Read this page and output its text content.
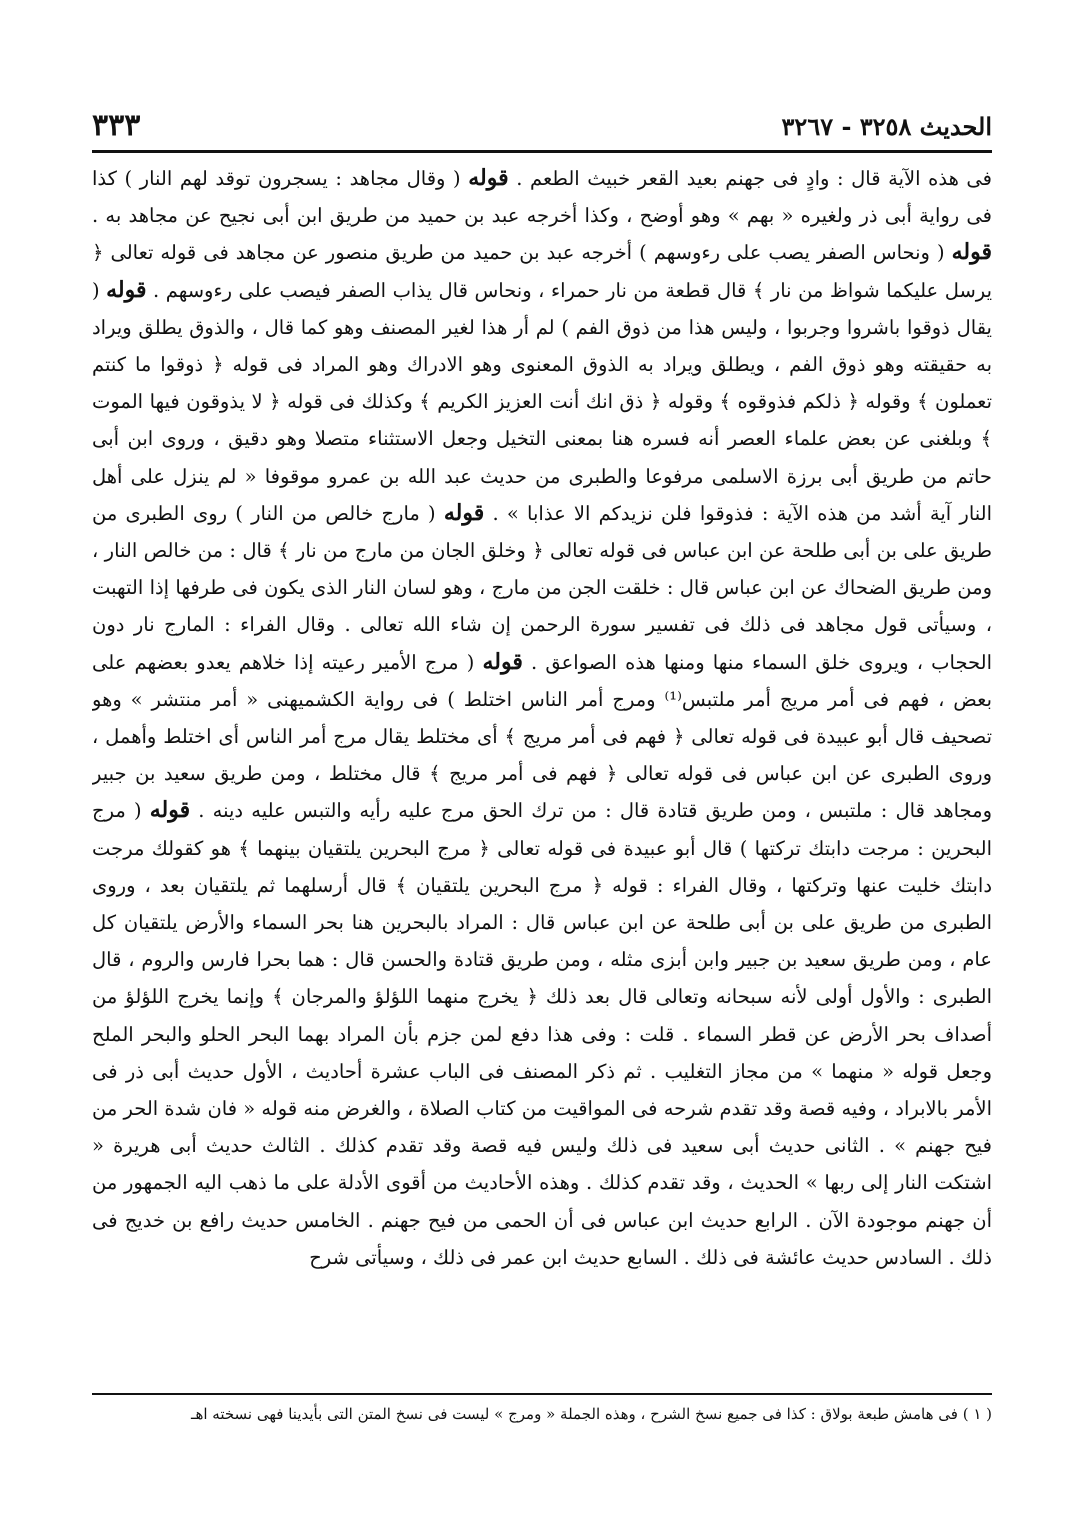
الحديث ٣٢٥٨ - ٣٢٦٧
٣٣٣

فى هذه الآية قال : وادٍ فى جهنم بعيد القعر خبيث الطعم . قوله ( وقال مجاهد : يسجرون توقد لهم النار ) كذا فى رواية أبى ذر ولغيره « بهم » وهو أوضح ، وكذا أخرجه عبد بن حميد من طريق ابن أبى نجيح عن مجاهد به . قوله ( ونحاس الصفر يصب على رءوسهم ) أخرجه عبد بن حميد من طريق منصور عن مجاهد فى قوله تعالى ﴿ يرسل عليكما شواظ من نار ﴾ قال قطعة من نار حمراء ، ونحاس قال يذاب الصفر فيصب على رءوسهم . قوله ( يقال ذوقوا باشروا وجربوا ، وليس هذا من ذوق الفم ) لم أر هذا لغير المصنف وهو كما قال ، والذوق يطلق ويراد به حقيقته وهو ذوق الفم ، ويطلق ويراد به الذوق المعنوى وهو الادراك وهو المراد فى قوله ﴿ ذوقوا ما كنتم تعملون ﴾ وقوله ﴿ ذلكم فذوقوه ﴾ وقوله ﴿ ذق انك أنت العزيز الكريم ﴾ وكذلك فى قوله ﴿ لا يذوقون فيها الموت ﴾ وبلغنى عن بعض علماء العصر أنه فسره هنا بمعنى التخيل وجعل الاستثناء متصلا وهو دقيق ، وروى ابن أبى حاتم من طريق أبى برزة الاسلمى مرفوعا والطبرى من حديث عبد الله بن عمرو موقوفا « لم ينزل على أهل النار آية أشد من هذه الآية : فذوقوا فلن نزيدكم الا عذابا » . قوله ( مارج خالص من النار ) روى الطبرى من طريق على بن أبى طلحة عن ابن عباس فى قوله تعالى ﴿ وخلق الجان من مارج من نار ﴾ قال : من خالص النار ، ومن طريق الضحاك عن ابن عباس قال : خلقت الجن من مارج ، وهو لسان النار الذى يكون فى طرفها إذا التهبت ، وسيأتى قول مجاهد فى ذلك فى تفسير سورة الرحمن إن شاء الله تعالى . وقال الفراء : المارج نار دون الحجاب ، ويروى خلق السماء منها ومنها هذه الصواعق . قوله ( مرج الأمير رعيته إذا خلاهم يعدو بعضهم على بعض ، فهم فى أمر مريج أمر ملتبس⁽¹⁾ ومرج أمر الناس اختلط ) فى رواية الكشميهنى « أمر منتشر » وهو تصحيف قال أبو عبيدة فى قوله تعالى ﴿ فهم فى أمر مريج ﴾ أى مختلط يقال مرج أمر الناس أى اختلط وأهمل ، وروى الطبرى عن ابن عباس فى قوله تعالى ﴿ فهم فى أمر مريج ﴾ قال مختلط ، ومن طريق سعيد بن جبير ومجاهد قال : ملتبس ، ومن طريق قتادة قال : من ترك الحق مرج عليه رأيه والتبس عليه دينه . قوله ( مرج البحرين : مرجت دابتك تركتها ) قال أبو عبيدة فى قوله تعالى ﴿ مرج البحرين يلتقيان بينهما ﴾ هو كقولك مرجت دابتك خليت عنها وتركتها ، وقال الفراء : قوله ﴿ مرج البحرين يلتقيان ﴾ قال أرسلهما ثم يلتقيان بعد ، وروى الطبرى من طريق على بن أبى طلحة عن ابن عباس قال : المراد بالبحرين هنا بحر السماء والأرض يلتقيان كل عام ، ومن طريق سعيد بن جبير وابن أبزى مثله ، ومن طريق قتادة والحسن قال : هما بحرا فارس والروم ، قال الطبرى : والأول أولى لأنه سبحانه وتعالى قال بعد ذلك ﴿ يخرج منهما اللؤلؤ والمرجان ﴾ وإنما يخرج اللؤلؤ من أصداف بحر الأرض عن قطر السماء . قلت : وفى هذا دفع لمن جزم بأن المراد بهما البحر الحلو والبحر الملح وجعل قوله « منهما » من مجاز التغليب . ثم ذكر المصنف فى الباب عشرة أحاديث ، الأول حديث أبى ذر فى الأمر بالابراد ، وفيه قصة وقد تقدم شرحه فى المواقيت من كتاب الصلاة ، والغرض منه قوله « فان شدة الحر من فيح جهنم » . الثانى حديث أبى سعيد فى ذلك وليس فيه قصة وقد تقدم كذلك . الثالث حديث أبى هريرة « اشتكت النار إلى ربها » الحديث ، وقد تقدم كذلك . وهذه الأحاديث من أقوى الأدلة على ما ذهب اليه الجمهور من أن جهنم موجودة الآن . الرابع حديث ابن عباس فى أن الحمى من فيح جهنم . الخامس حديث رافع بن خديج فى ذلك . السادس حديث عائشة فى ذلك . السابع حديث ابن عمر فى ذلك ، وسيأتى شرح

( ١ ) فى هامش طبعة بولاق : كذا فى جميع نسخ الشرح ، وهذه الجملة « ومرج » ليست فى نسخ المتن التى بأيدينا فهى نسخته اهـ
